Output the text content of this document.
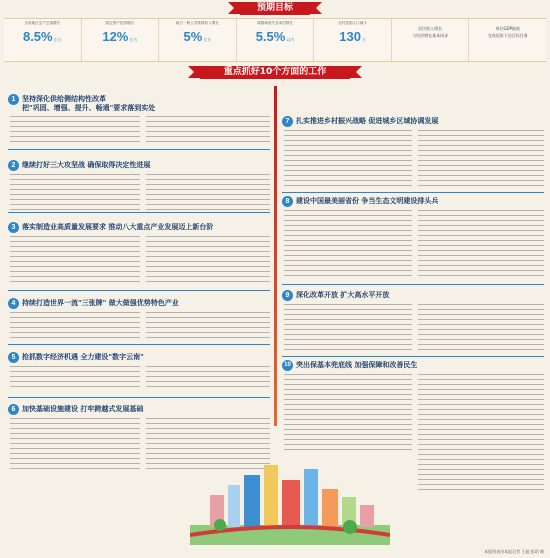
预期目标
全省地区生产总值增长
8.5%左右
固定资产投资增长
12%左右
地方一般公共预算收入增长
5%左右
城镇调查失业率控制在
5.5%以内
农村贫困人口减少
130万
居民收入增长
与经济增长基本同步
单位GDP能耗
完成国家下达目标任务
重点抓好10个方面的工作
1 坚持深化供给侧结构性改革
把"巩固、增强、提升、畅通"要求落到实处
2 继续打好三大攻坚战 确保取得决定性进展
3 落实制造业高质量发展要求 推动八大重点产业发展迈上新台阶
4 持续打造世界一流"三张牌" 做大做强优势特色产业
5 抢抓数字经济机遇 全力建设"数字云南"
6 加快基础设施建设 打牢跨越式发展基础
7 扎实推进乡村振兴战略 促进城乡区域协调发展
8 建设中国最美丽省份 争当生态文明建设排头兵
9 深化改革开放 扩大高水平开放
10 突出保基本兜底线 加强保障和改善民生
本报图表由本报记者 王超 彭玥 制
